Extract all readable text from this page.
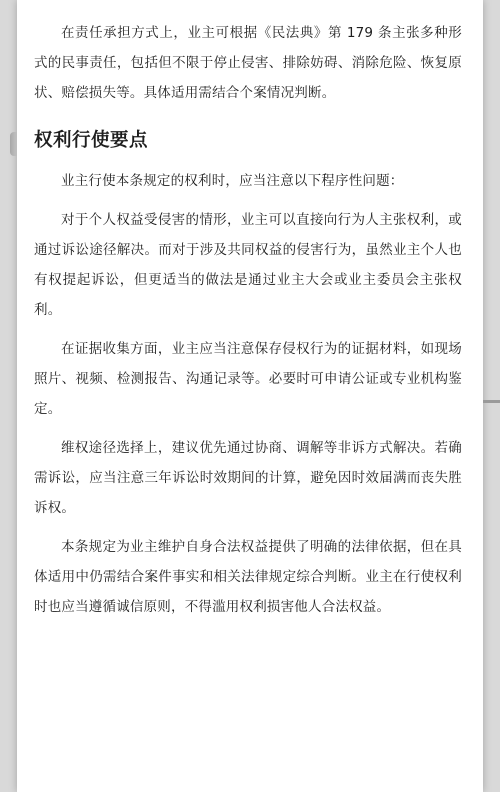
在责任承担方式上，业主可根据《民法典》第 179 条主张多种形式的民事责任，包括但不限于停止侵害、排除妨碍、消除危险、恢复原状、赔偿损失等。具体适用需结合个案情况判断。

权利行使要点

业主行使本条规定的权利时，应当注意以下程序性问题：

对于个人权益受侵害的情形，业主可以直接向行为人主张权利，或通过诉讼途径解决。而对于涉及共同权益的侵害行为，虽然业主个人也有权提起诉讼，但更适当的做法是通过业主大会或业主委员会主张权利。

在证据收集方面，业主应当注意保存侵权行为的证据材料，如现场照片、视频、检测报告、沟通记录等。必要时可申请公证或专业机构鉴定。

维权途径选择上，建议优先通过协商、调解等非诉方式解决。若确需诉讼，应当注意三年诉讼时效期间的计算，避免因时效届满而丧失胜诉权。

本条规定为业主维护自身合法权益提供了明确的法律依据，但在具体适用中仍需结合案件事实和相关法律规定综合判断。业主在行使权利时也应当遵循诚信原则，不得滥用权利损害他人合法权益。
